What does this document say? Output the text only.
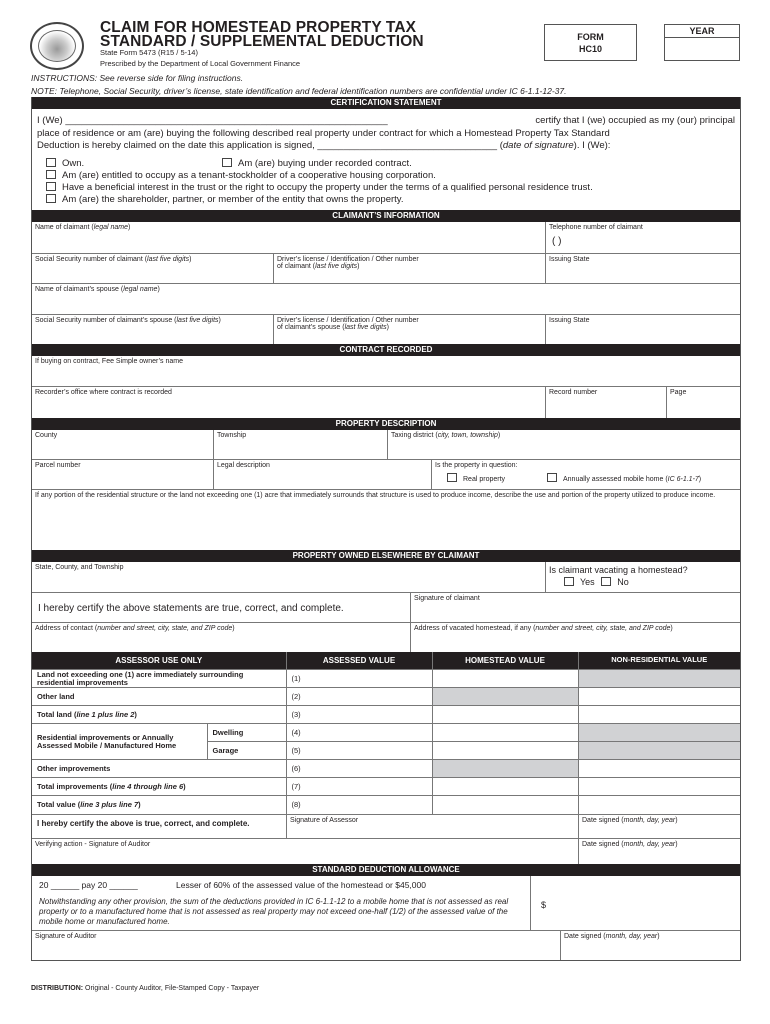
CLAIM FOR HOMESTEAD PROPERTY TAX
STANDARD / SUPPLEMENTAL DEDUCTION
State Form 5473 (R15 / 5-14)
Prescribed by the Department of Local Government Finance
FORM
HC10
YEAR
INSTRUCTIONS: See reverse side for filing instructions.
NOTE: Telephone, Social Security, driver’s license, state identification and federal identification numbers are confidential under IC 6-1.1-12-37.
CERTIFICATION STATEMENT
I (We) _____________________________________________________________	certify that I (we) occupied as my (our) principal
place of residence or am (are) buying the following described real property under contract for which a Homestead Property Tax Standard
Deduction is hereby claimed on the date this application is signed, __________________________________ (date of signature). I (We):
Own.	Am (are) buying under recorded contract.
Am (are) entitled to occupy as a tenant-stockholder of a cooperative housing corporation.
Have a beneficial interest in the trust or the right to occupy the property under the terms of a qualified personal residence trust.
Am (are) the shareholder, partner, or member of the entity that owns the property.
CLAIMANT’S INFORMATION
Name of claimant (legal name)	Telephone number of claimant
( )
Social Security number of claimant (last five digits)	Driver’s license / Identification / Other number
of claimant (last five digits)
Issuing State
Name of claimant’s spouse (legal name)
Social Security number of claimant’s spouse (last five digits)	Driver’s license / Identification / Other number
of claimant’s spouse (last five digits)
Issuing State
CONTRACT RECORDED
If buying on contract, Fee Simple owner’s name
Recorder’s office where contract is recorded	Record number	Page
PROPERTY DESCRIPTION
County	Township	Taxing district (city, town, township)
Parcel number	Legal description	Is the property in question:
Real property	Annually assessed mobile home (IC 6-1.1-7)
If any portion of the residential structure or the land not exceeding one (1) acre that immediately surrounds that structure is used to produce income, describe the use and portion of the property utilized to produce income.
PROPERTY OWNED ELSEWHERE BY CLAIMANT
State, County, and Township	Is claimant vacating a homestead?
Yes	No
I hereby certify the above statements are true, correct, and complete.
Signature of claimant
Address of contact (number and street, city, state, and ZIP code)	Address of vacated homestead, if any (number and street, city, state, and ZIP code)
ASSESSOR USE ONLY		ASSESSED VALUE	HOMESTEAD VALUE	NON-RESIDENTIAL VALUE
Land not exceeding one (1) acre immediately surrounding residential improvements		(1)		
Other land		(2)		
Total land (line 1 plus line 2)		(3)		
Residential improvements or Annually Assessed Mobile / Manufactured Home	Dwelling	(4)		
	Garage	(5)		
Other improvements		(6)		
Total improvements (line 4 through line 6)		(7)		
Total value (line 3 plus line 7)		(8)		
I hereby certify the above is true, correct, and complete.	Signature of Assessor	Date signed (month, day, year)
Verifying action - Signature of Auditor	Date signed (month, day, year)
STANDARD DEDUCTION ALLOWANCE
20 ______ pay 20 ______	Lesser of 60% of the assessed value of the homestead or $45,000
Notwithstanding any other provision, the sum of the deductions provided in IC 6-1.1-12 to a mobile home that is not assessed as real property or to a manufactured home that is not assessed as real property may not exceed one-half (1/2) of the assessed value of the mobile home or manufactured home.
$
Signature of Auditor	Date signed (month, day, year)
DISTRIBUTION: Original - County Auditor, File-Stamped Copy - Taxpayer
